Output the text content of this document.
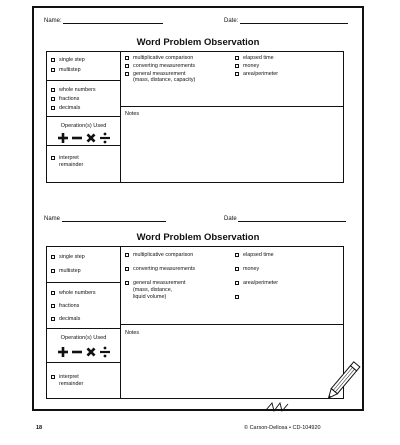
Name:	Date:
Word Problem Observation
single step
multistep
whole numbers
fractions
decimals
Operation(s) Used
interpret
remainder
multiplicative comparison
converting measurements
general measurement
(mass, distance, capacity)
elapsed time
money
area/perimeter
Notes
Name	Date
Word Problem Observation
single step
multistep
whole numbers
fractions
decimals
Operation(s) Used
interpret
remainder
multiplicative comparison
converting measurements
general measurement
(mass, distance,
liquid volume)
elapsed time
money
area/perimeter
Notes
18	© Carson-Dellosa • CD-104920
